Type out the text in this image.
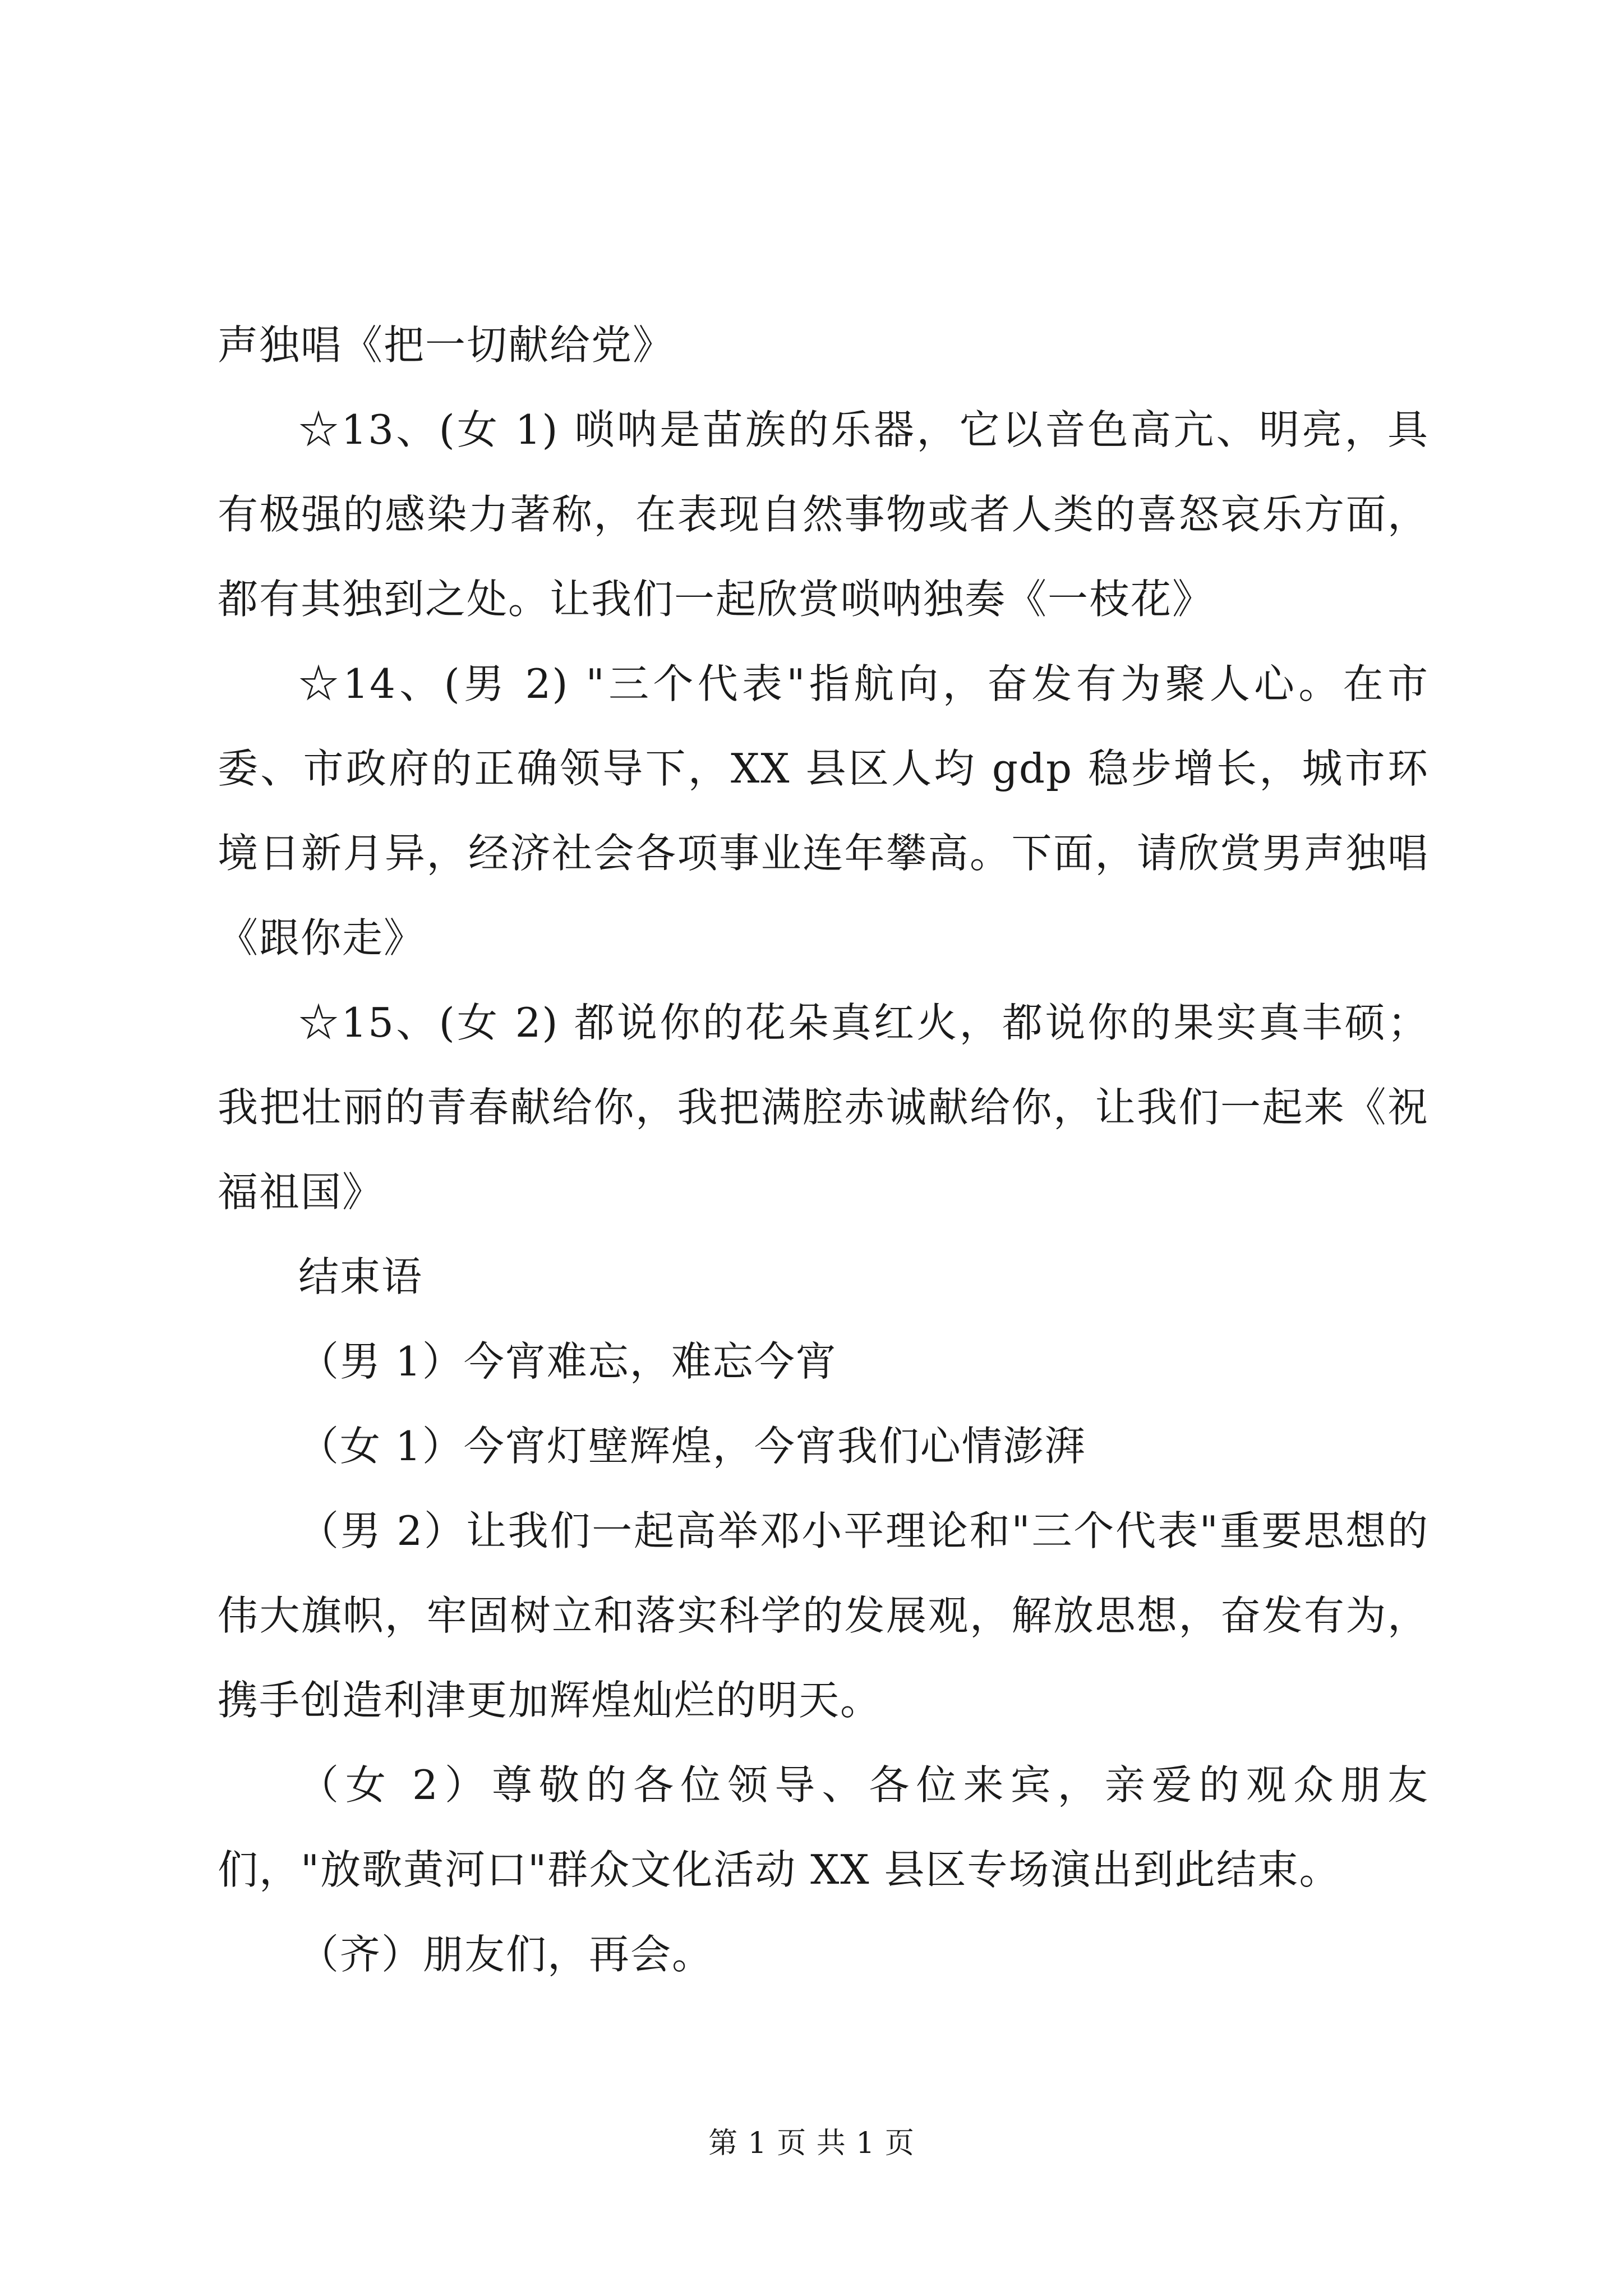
声独唱《把一切献给党》

☆13、(女 1) 唢呐是苗族的乐器，它以音色高亢、明亮，具有极强的感染力著称，在表现自然事物或者人类的喜怒哀乐方面，都有其独到之处。让我们一起欣赏唢呐独奏《一枝花》

☆14、(男 2) "三个代表"指航向，奋发有为聚人心。在市委、市政府的正确领导下，XX 县区人均 gdp 稳步增长，城市环境日新月异，经济社会各项事业连年攀高。下面，请欣赏男声独唱《跟你走》

☆15、(女 2) 都说你的花朵真红火，都说你的果实真丰硕；我把壮丽的青春献给你，我把满腔赤诚献给你，让我们一起来《祝福祖国》

结束语

（男 1）今宵难忘，难忘今宵

（女 1）今宵灯壁辉煌，今宵我们心情澎湃

（男 2）让我们一起高举邓小平理论和"三个代表"重要思想的伟大旗帜，牢固树立和落实科学的发展观，解放思想，奋发有为，携手创造利津更加辉煌灿烂的明天。

（女 2）尊敬的各位领导、各位来宾，亲爱的观众朋友们，"放歌黄河口"群众文化活动 XX 县区专场演出到此结束。

（齐）朋友们，再会。

第 1 页 共 1 页
